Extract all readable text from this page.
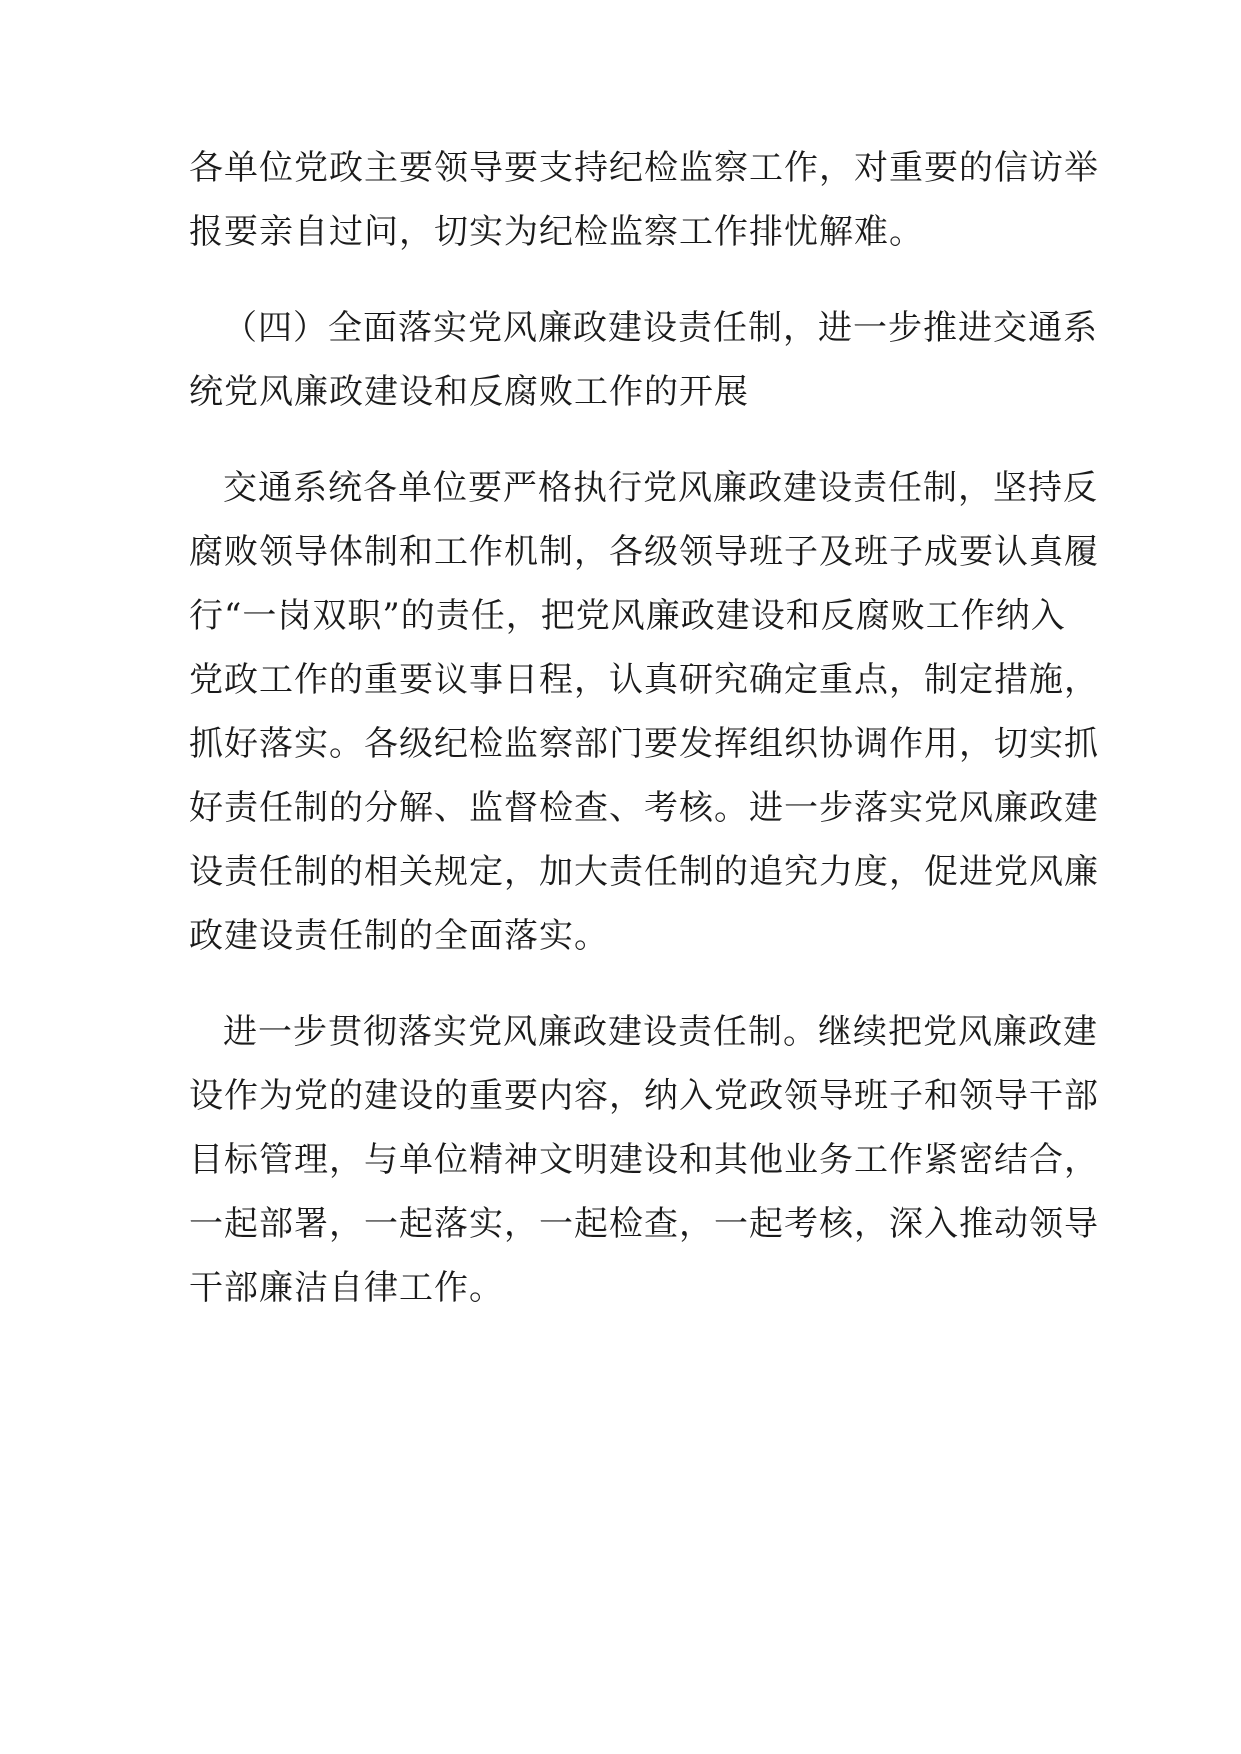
各单位党政主要领导要支持纪检监察工作，对重要的信访举
报要亲自过问，切实为纪检监察工作排忧解难。
（四）全面落实党风廉政建设责任制，进一步推进交通系
统党风廉政建设和反腐败工作的开展
交通系统各单位要严格执行党风廉政建设责任制，坚持反
腐败领导体制和工作机制，各级领导班子及班子成要认真履
行“一岗双职”的责任，把党风廉政建设和反腐败工作纳入
党政工作的重要议事日程，认真研究确定重点，制定措施，
抓好落实。各级纪检监察部门要发挥组织协调作用，切实抓
好责任制的分解、监督检查、考核。进一步落实党风廉政建
设责任制的相关规定，加大责任制的追究力度，促进党风廉
政建设责任制的全面落实。
进一步贯彻落实党风廉政建设责任制。继续把党风廉政建
设作为党的建设的重要内容，纳入党政领导班子和领导干部
目标管理，与单位精神文明建设和其他业务工作紧密结合，
一起部署，一起落实，一起检查，一起考核，深入推动领导
干部廉洁自律工作。
